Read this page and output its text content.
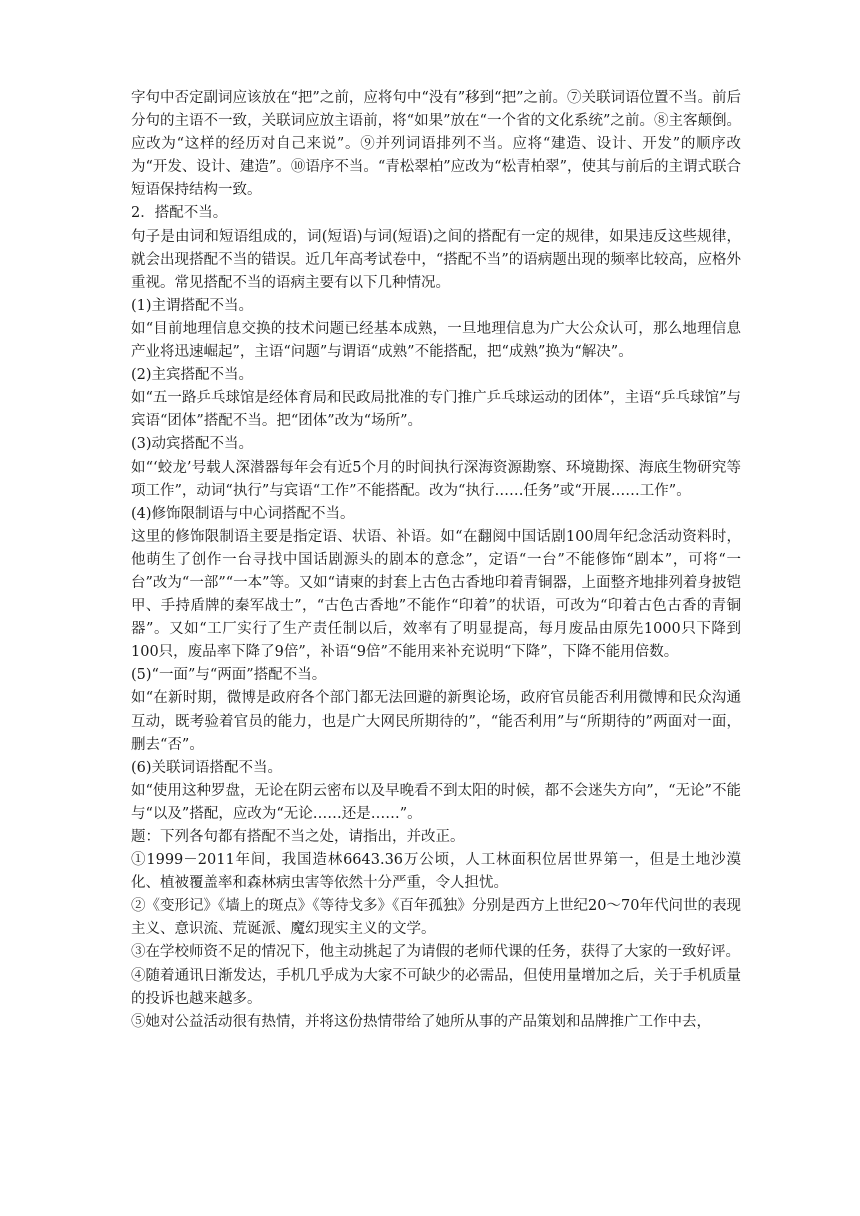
字句中否定副词应该放在“把”之前，应将句中“没有”移到“把”之前。⑦关联词语位置不当。前后分句的主语不一致，关联词应放主语前，将“如果”放在“一个省的文化系统”之前。⑧主客颠倒。应改为“这样的经历对自己来说”。⑨并列词语排列不当。应将“建造、设计、开发”的顺序改为“开发、设计、建造”。⑩语序不当。“青松翠柏”应改为“松青柏翠”，使其与前后的主谓式联合短语保持结构一致。

2．搭配不当。

句子是由词和短语组成的，词(短语)与词(短语)之间的搭配有一定的规律，如果违反这些规律，就会出现搭配不当的错误。近几年高考试卷中，“搭配不当”的语病题出现的频率比较高，应格外重视。常见搭配不当的语病主要有以下几种情况。

(1)主谓搭配不当。

如“目前地理信息交换的技术问题已经基本成熟，一旦地理信息为广大公众认可，那么地理信息产业将迅速崛起”，主语“问题”与谓语“成熟”不能搭配，把“成熟”换为“解决”。

(2)主宾搭配不当。

如“五一路乒乓球馆是经体育局和民政局批准的专门推广乒乓球运动的团体”，主语“乒乓球馆”与宾语“团体”搭配不当。把“团体”改为“场所”。

(3)动宾搭配不当。

如“‘蛟龙’号载人深潜器每年会有近5个月的时间执行深海资源勘察、环境勘探、海底生物研究等项工作”，动词“执行”与宾语“工作”不能搭配。改为“执行……任务”或“开展……工作”。

(4)修饰限制语与中心词搭配不当。

这里的修饰限制语主要是指定语、状语、补语。如“在翻阅中国话剧100周年纪念活动资料时，他萌生了创作一台寻找中国话剧源头的剧本的意念”，定语“一台”不能修饰“剧本”，可将“一台”改为“一部”“一本”等。又如“请柬的封套上古色古香地印着青铜器，上面整齐地排列着身披铠甲、手持盾牌的秦军战士”，“古色古香地”不能作“印着”的状语，可改为“印着古色古香的青铜器”。又如“工厂实行了生产责任制以后，效率有了明显提高，每月废品由原先1000只下降到100只，废品率下降了9倍”，补语“9倍”不能用来补充说明“下降”，下降不能用倍数。

(5)“一面”与“两面”搭配不当。

如“在新时期，微博是政府各个部门都无法回避的新舆论场，政府官员能否利用微博和民众沟通互动，既考验着官员的能力，也是广大网民所期待的”，“能否利用”与“所期待的”两面对一面，删去“否”。

(6)关联词语搭配不当。

如“使用这种罗盘，无论在阴云密布以及早晚看不到太阳的时候，都不会迷失方向”，“无论”不能与“以及”搭配，应改为“无论……还是……”。

题：下列各句都有搭配不当之处，请指出，并改正。

①1999－2011年间，我国造林6643.36万公顷，人工林面积位居世界第一，但是土地沙漠化、植被覆盖率和森林病虫害等依然十分严重，令人担忧。

②《变形记》《墙上的斑点》《等待戈多》《百年孤独》分别是西方上世纪20～70年代问世的表现主义、意识流、荒诞派、魔幻现实主义的文学。

③在学校师资不足的情况下，他主动挑起了为请假的老师代课的任务，获得了大家的一致好评。

④随着通讯日渐发达，手机几乎成为大家不可缺少的必需品，但使用量增加之后，关于手机质量的投诉也越来越多。

⑤她对公益活动很有热情，并将这份热情带给了她所从事的产品策划和品牌推广工作中去，
